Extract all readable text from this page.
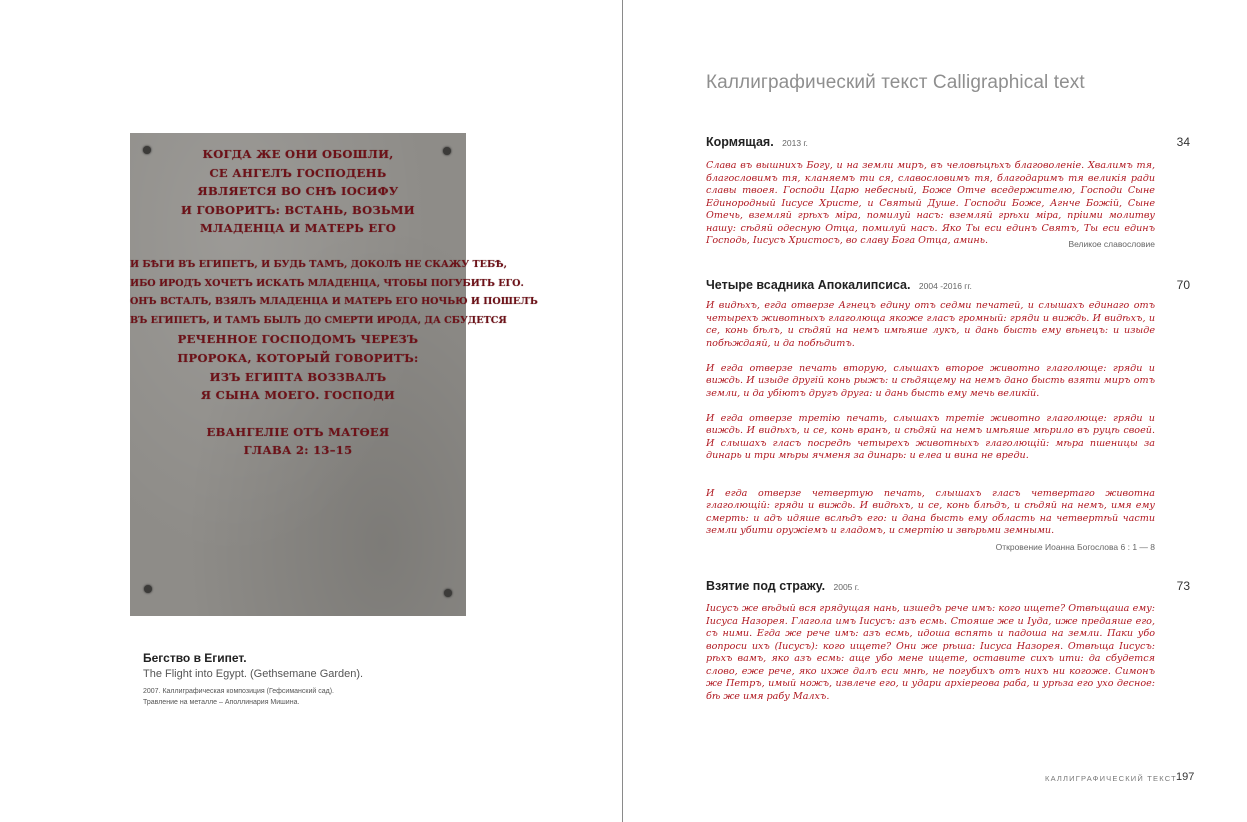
КОГДА ЖЕ ОНИ ОБОШЛИ,
СЕ АНГЕЛЪ ГОСПОДЕНЬ
ЯВЛЯЕТСЯ ВО СНѢ ІОСИФУ
И ГОВОРИТЪ: ВСТАНЬ, ВОЗЬМИ
МЛАДЕНЦА И МАТЕРЬ ЕГО
И БѢГИ ВЪ ЕГИПЕТЪ, И БУДЬ ТАМЪ, ДОКОЛѢ НЕ СКАЖУ ТЕБѢ,
ИБО ИРОДЪ ХОЧЕТЪ ИСКАТЬ МЛАДЕНЦА, ЧТОБЫ ПОГУБИТЬ ЕГО.
ОНЪ ВСТАЛЪ, ВЗЯЛЪ МЛАДЕНЦА И МАТЕРЬ ЕГО НОЧЬЮ И ПОШЕЛЪ
ВЪ ЕГИПЕТЪ, И ТАМЪ БЫЛЪ ДО СМЕРТИ ИРОДА, ДА СБУДЕТСЯ
РЕЧЕННОЕ ГОСПОДОМЪ ЧЕРЕЗЪ
ПРОРОКА, КОТОРЫЙ ГОВОРИТЪ:
ИЗЪ ЕГИПТА ВОЗЗВАЛЪ
Я СЫНА МОЕГО. ГОСПОДИ
ЕВАНГЕЛІЕ ОТЪ МАТѲЕЯ
ГЛАВА 2: 13–15
Бегство в Египет.
The Flight into Egypt. (Gethsemane Garden).
2007. Каллиграфическая композиция (Гефсиманский сад).
Травление на металле – Аполлинария Мишина.
Каллиграфический текст Calligraphical text
Кормящая. 2013 г.	34

Слава въ вышнихъ Богу, и на земли миръ, въ человѣцѣхъ благоволеніе. Хвалимъ тя, благословимъ тя, кланяемъ ти ся, славословимъ тя, благодаримъ тя великія ради славы твоея. Господи Царю небесный, Боже Отче вседержителю, Господи Сыне Единородный Іисусе Христе, и Святый Душе. Господи Боже, Агнче Божій, Сыне Отечь, вземляй грѣхъ міра, помилуй насъ: вземляй грѣхи міра, пріими молитву нашу: сѣдяй одесную Отца, помилуй насъ. Яко Ты еси единъ Святъ, Ты еси единъ Господь, Іисусъ Христосъ, во славу Бога Отца, аминь.	Великое славословие
Четыре всадника Апокалипсиса. 2004 -2016 гг.	70

И видѣхъ, егда отверзе Агнецъ едину отъ седми печатей, и слышахъ единаго отъ четырехъ животныхъ глаголюща якоже гласъ громный: гряди и виждь. И видѣхъ, и се, конь бѣлъ, и сѣдяй на немъ имѣяше лукъ, и дань бысть ему вѣнецъ: и изыде побѣждаяй, и да побѣдитъ.

И егда отверзе печать вторую, слышахъ второе животно глаголюще: гряди и виждь. И изыде другій конь рыжъ: и сѣдящему на немъ дано бысть взяти миръ отъ земли, и да убіютъ другъ друга: и дань бысть ему мечь великій.

И егда отверзе третію печать, слышахъ третіе животно глаголюще: гряди и виждь. И видѣхъ, и се, конь вранъ, и сѣдяй на немъ имѣяше мѣрило въ руцѣ своей. И слышахъ гласъ посредѣ четырехъ животныхъ глаголющій: мѣра пшеницы за динарь и три мѣры ячменя за динарь: и елеа и вина не вреди.

И егда отверзе четвертую печать, слышахъ гласъ четвертаго животна глаголющій: гряди и виждь. И видѣхъ, и се, конь блѣдъ, и сѣдяй на немъ, имя ему смерть: и адъ идяше вслѣдъ его: и дана бысть ему область на четвертѣй части земли убити оружіемъ и гладомъ, и смертію и звѣрьми земными.

Откровение Иоанна Богослова 6 : 1 — 8
Взятие под стражу. 2005 г.	73

Іисусъ же вѣдый вся грядущая нань, изшедъ рече имъ: кого ищете? Отвѣщаша ему: Іисуса Назорея. Глагола имъ Іисусъ: азъ есмь. Стояше же и Іуда, иже предаяше его, съ ними. Егда же рече имъ: азъ есмь, идоша вспять и падоша на земли. Паки убо вопроси ихъ (Іисусъ): кого ищете? Они же рѣша: Іисуса Назорея. Отвѣща Іисусъ: рѣхъ вамъ, яко азъ есмь: аще убо мене ищете, оставите сихъ ити: да сбудется слово, еже рече, яко ихже далъ еси мнѣ, не погубихъ отъ нихъ ни когоже. Симонъ же Петръ, имый ножъ, извлече его, и удари архіереова раба, и урѣза его ухо десное: бѣ же имя рабу Малхъ.

КАЛЛИГРАФИЧЕСКИЙ ТЕКСТ 197
